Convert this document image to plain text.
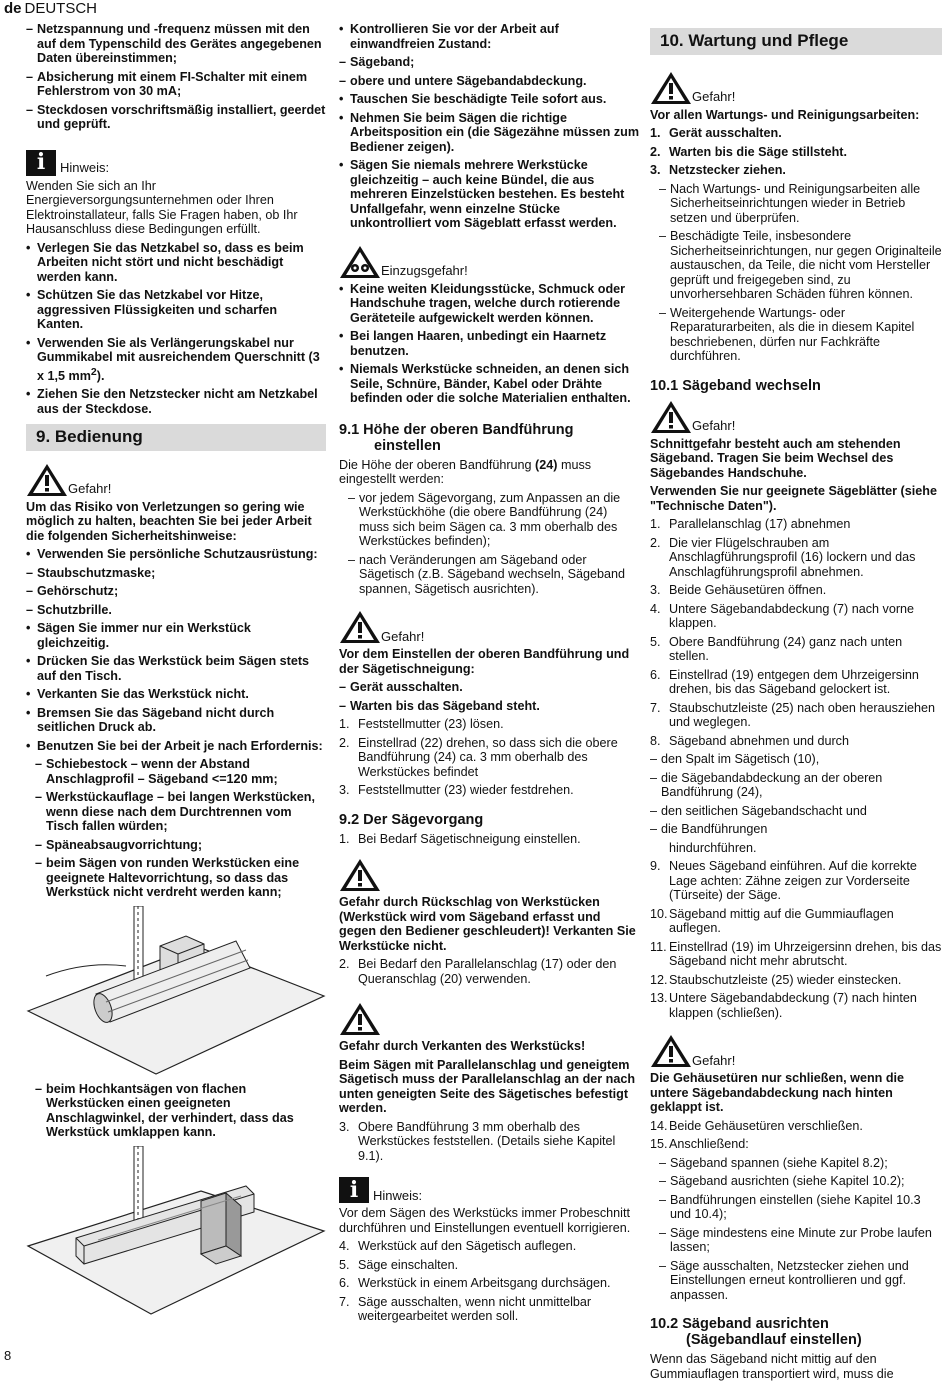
de DEUTSCH
– Netzspannung und -frequenz müssen mit den auf dem Typenschild des Gerätes angegebenen Daten übereinstimmen;
– Absicherung mit einem FI-Schalter mit einem Fehlerstrom von 30 mA;
– Steckdosen vorschriftsmäßig installiert, geerdet und geprüft.
i	Hinweis:
Wenden Sie sich an Ihr Energieversorgungsunternehmen oder Ihren Elektroinstallateur, falls Sie Fragen haben, ob Ihr Hausanschluss diese Bedingungen erfüllt.
• Verlegen Sie das Netzkabel so, dass es beim Arbeiten nicht stört und nicht beschädigt werden kann.
• Schützen Sie das Netzkabel vor Hitze, aggressiven Flüssigkeiten und scharfen Kanten.
• Verwenden Sie als Verlängerungskabel nur Gummikabel mit ausreichendem Querschnitt (3 x 1,5 $mm^2$).
• Ziehen Sie den Netzstecker nicht am Netzkabel aus der Steckdose.
9. Bedienung
Gefahr!
Um das Risiko von Verletzungen so gering wie möglich zu halten, beachten Sie bei jeder Arbeit die folgenden Sicherheitshinweise:
• Verwenden Sie persönliche Schutzausrüstung:
– Staubschutzmaske;
– Gehörschutz;
– Schutzbrille.
• Sägen Sie immer nur ein Werkstück gleichzeitig.
• Drücken Sie das Werkstück beim Sägen stets auf den Tisch.
• Verkanten Sie das Werkstück nicht.
• Bremsen Sie das Sägeband nicht durch seitlichen Druck ab.
• Benutzen Sie bei der Arbeit je nach Erfordernis:
– Schiebestock – wenn der Abstand Anschlagprofil – Sägeband <=120 mm;
– Werkstückauflage – bei langen Werkstücken, wenn diese nach dem Durchtrennen vom Tisch fallen würden;
– Späneabsaugvorrichtung;
– beim Sägen von runden Werkstücken eine geeignete Haltevorrichtung, so dass das Werkstück nicht verdreht werden kann;
– beim Hochkantsägen von flachen Werkstücken einen geeigneten Anschlagwinkel, der verhindert, dass das Werkstück umklappen kann.
• Kontrollieren Sie vor der Arbeit auf einwandfreien Zustand:
– Sägeband;
– obere und untere Sägebandabdeckung.
• Tauschen Sie beschädigte Teile sofort aus.
• Nehmen Sie beim Sägen die richtige Arbeitsposition ein (die Sägezähne müssen zum Bediener zeigen).
• Sägen Sie niemals mehrere Werkstücke gleichzeitig – auch keine Bündel, die aus mehreren Einzelstücken bestehen. Es besteht Unfallgefahr, wenn einzelne Stücke unkontrolliert vom Sägeblatt erfasst werden.
Einzugsgefahr!
• Keine weiten Kleidungsstücke, Schmuck oder Handschuhe tragen, welche durch rotierende Geräteteile aufgewickelt werden können.
• Bei langen Haaren, unbedingt ein Haarnetz benutzen.
• Niemals Werkstücke schneiden, an denen sich Seile, Schnüre, Bänder, Kabel oder Drähte befinden oder die solche Materialien enthalten.
9.1 Höhe der oberen Bandführung
einstellen
Die Höhe der oberen Bandführung (24) muss eingestellt werden:
– vor jedem Sägevorgang, zum Anpassen an die Werkstückhöhe (die obere Bandführung (24) muss sich beim Sägen ca. 3 mm oberhalb des Werkstückes befinden);
– nach Veränderungen am Sägeband oder Sägetisch (z.B. Sägeband wechseln, Sägeband spannen, Sägetisch ausrichten).
Gefahr!
Vor dem Einstellen der oberen Bandführung und der Sägetischneigung:
– Gerät ausschalten.
– Warten bis das Sägeband steht.
1. Feststellmutter (23) lösen.
2. Einstellrad (22) drehen, so dass sich die obere Bandführung (24) ca. 3 mm oberhalb des Werkstückes befindet
3. Feststellmutter (23) wieder festdrehen.
9.2 Der Sägevorgang
1. Bei Bedarf Sägetischneigung einstellen.
Gefahr durch Rückschlag von Werkstücken (Werkstück wird vom Sägeband erfasst und gegen den Bediener geschleudert)! Verkanten Sie Werkstücke nicht.
2. Bei Bedarf den Parallelanschlag (17) oder den Queranschlag (20) verwenden.
Gefahr durch Verkanten des Werkstücks!
Beim Sägen mit Parallelanschlag und geneigtem Sägetisch muss der Parallelanschlag an der nach unten geneigten Seite des Sägetisches befestigt werden.
3. Obere Bandführung 3 mm oberhalb des Werkstückes feststellen. (Details siehe Kapitel 9.1).
i	Hinweis:
Vor dem Sägen des Werkstücks immer Probeschnitt durchführen und Einstellungen eventuell korrigieren.
4. Werkstück auf den Sägetisch auflegen.
5. Säge einschalten.
6. Werkstück in einem Arbeitsgang durchsägen.
7. Säge ausschalten, wenn nicht unmittelbar weitergearbeitet werden soll.
10. Wartung und Pflege
Gefahr!
Vor allen Wartungs- und Reinigungsarbeiten:
1. Gerät ausschalten.
2. Warten bis die Säge stillsteht.
3. Netzstecker ziehen.
– Nach Wartungs- und Reinigungsarbeiten alle Sicherheitseinrichtungen wieder in Betrieb setzen und überprüfen.
– Beschädigte Teile, insbesondere Sicherheitseinrichtungen, nur gegen Originalteile austauschen, da Teile, die nicht vom Hersteller geprüft und freigegeben sind, zu unvorhersehbaren Schäden führen können.
– Weitergehende Wartungs- oder Reparaturarbeiten, als die in diesem Kapitel beschriebenen, dürfen nur Fachkräfte durchführen.
10.1 Sägeband wechseln
Gefahr!
Schnittgefahr besteht auch am stehenden Sägeband. Tragen Sie beim Wechsel des Sägebandes Handschuhe.
Verwenden Sie nur geeignete Sägeblätter (siehe "Technische Daten").
1. Parallelanschlag (17) abnehmen
2. Die vier Flügelschrauben am Anschlagführungsprofil (16) lockern und das Anschlagführungsprofil abnehmen.
3. Beide Gehäusetüren öffnen.
4. Untere Sägebandabdeckung (7) nach vorne klappen.
5. Obere Bandführung (24) ganz nach unten stellen.
6. Einstellrad (19) entgegen dem Uhrzeigersinn drehen, bis das Sägeband gelockert ist.
7. Staubschutzleiste (25) nach oben herausziehen und weglegen.
8. Sägeband abnehmen und durch
– den Spalt im Sägetisch (10),
– die Sägebandabdeckung an der oberen Bandführung (24),
– den seitlichen Sägebandschacht und
– die Bandführungen
hindurchführen.
9. Neues Sägeband einführen. Auf die korrekte Lage achten: Zähne zeigen zur Vorderseite (Türseite) der Säge.
10. Sägeband mittig auf die Gummiauflagen auflegen.
11. Einstellrad (19) im Uhrzeigersinn drehen, bis das Sägeband nicht mehr abrutscht.
12. Staubschutzleiste (25) wieder einstecken.
13. Untere Sägebandabdeckung (7) nach hinten klappen (schließen).
Gefahr!
Die Gehäusetüren nur schließen, wenn die untere Sägebandabdeckung nach hinten geklappt ist.
14. Beide Gehäusetüren verschließen.
15. Anschließend:
– Sägeband spannen (siehe Kapitel 8.2);
– Sägeband ausrichten (siehe Kapitel 10.2);
– Bandführungen einstellen (siehe Kapitel 10.3 und 10.4);
– Säge mindestens eine Minute zur Probe laufen lassen;
– Säge ausschalten, Netzstecker ziehen und Einstellungen erneut kontrollieren und ggf. anpassen.
10.2 Sägeband ausrichten
(Sägebandlauf einstellen)
Wenn das Sägeband nicht mittig auf den Gummiauflagen transportiert wird, muss die
8
